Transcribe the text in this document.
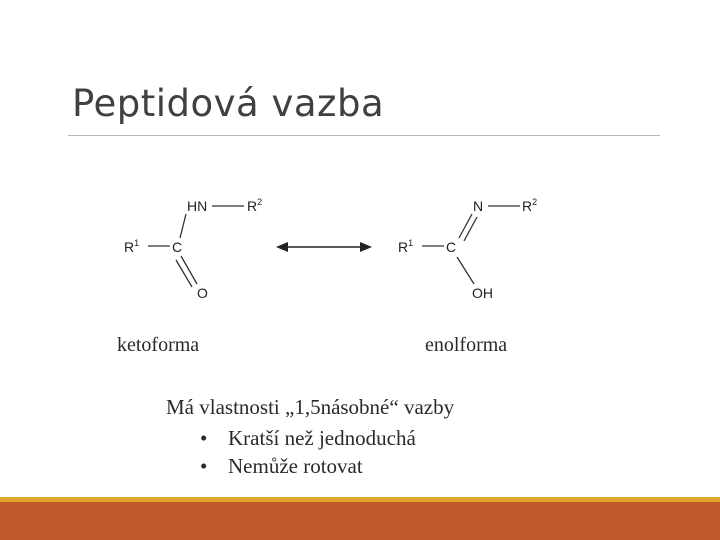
Peptidová vazba
HN	$R^2$
$R^1$ C
O
N	$R^2$
$R^1$ C
OH
ketoforma	enolforma
Má vlastnosti „1,5násobné“ vazby
• Kratší než jednoduchá
• Nemůže rotovat
